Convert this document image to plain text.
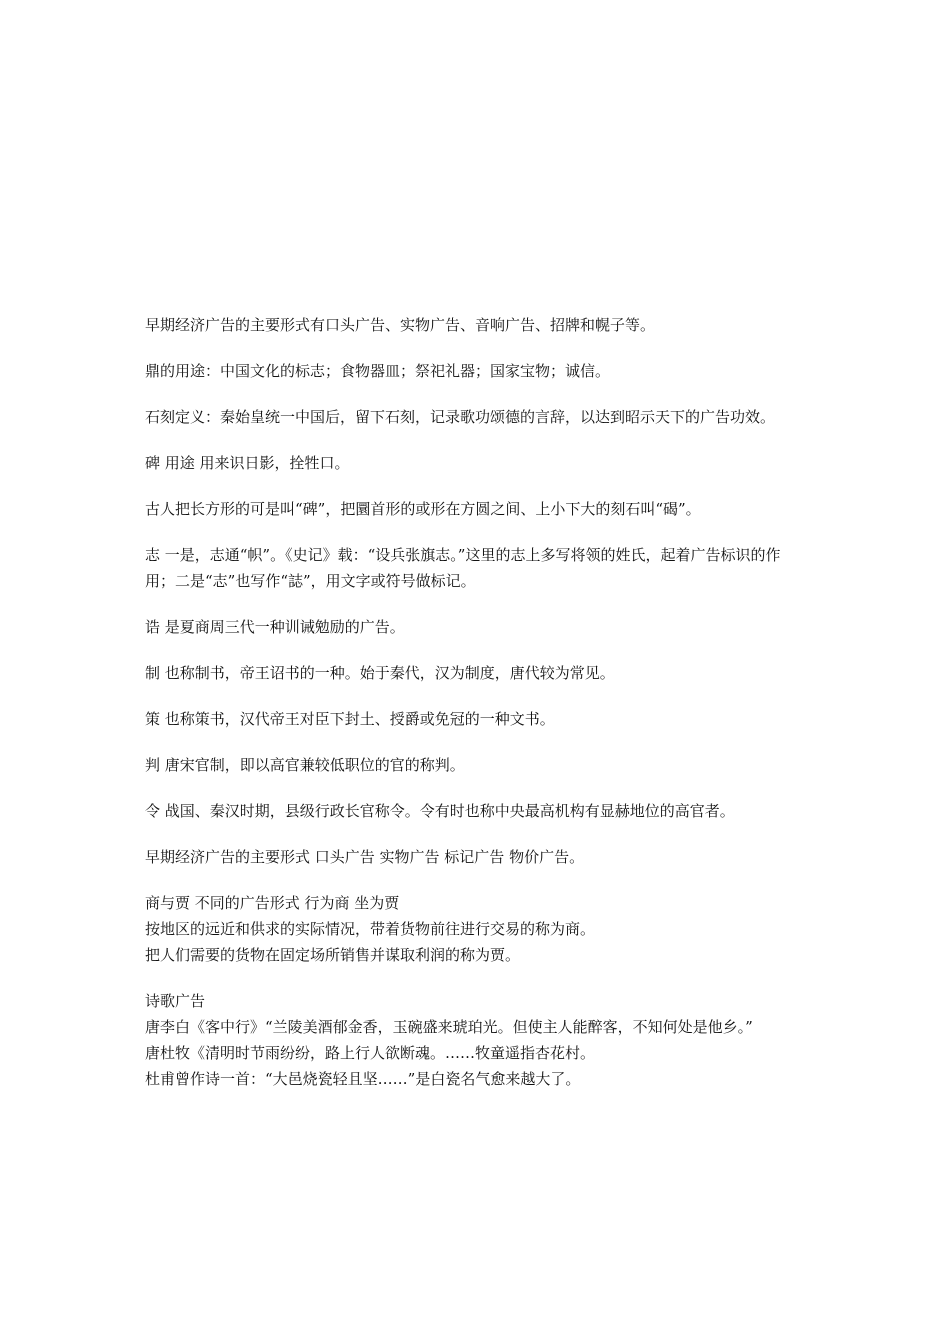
早期经济广告的主要形式有口头广告、实物广告、音响广告、招牌和幌子等。

鼎的用途：中国文化的标志；食物器皿；祭祀礼器；国家宝物；诚信。

石刻定义：秦始皇统一中国后，留下石刻，记录歌功颂德的言辞，以达到昭示天下的广告功效。

碑 用途 用来识日影，拴牲口。

古人把长方形的可是叫“碑”，把圜首形的或形在方圆之间、上小下大的刻石叫“碣”。

志 一是，志通“帜”。《史记》载：“设兵张旗志。”这里的志上多写将领的姓氏，起着广告标识的作用；二是“志”也写作“誌”，用文字或符号做标记。

诰 是夏商周三代一种训诫勉励的广告。

制 也称制书，帝王诏书的一种。始于秦代，汉为制度，唐代较为常见。

策 也称策书，汉代帝王对臣下封土、授爵或免冠的一种文书。

判 唐宋官制，即以高官兼较低职位的官的称判。

令 战国、秦汉时期，县级行政长官称令。令有时也称中央最高机构有显赫地位的高官者。

早期经济广告的主要形式 口头广告 实物广告 标记广告 物价广告。

商与贾 不同的广告形式 行为商 坐为贾
按地区的远近和供求的实际情况，带着货物前往进行交易的称为商。
把人们需要的货物在固定场所销售并谋取利润的称为贾。

诗歌广告
唐李白《客中行》“兰陵美酒郁金香，玉碗盛来琥珀光。但使主人能醉客，不知何处是他乡。”
唐杜牧《清明时节雨纷纷，路上行人欲断魂。……牧童遥指杏花村。
杜甫曾作诗一首：“大邑烧瓷轻且坚……”是白瓷名气愈来越大了。
